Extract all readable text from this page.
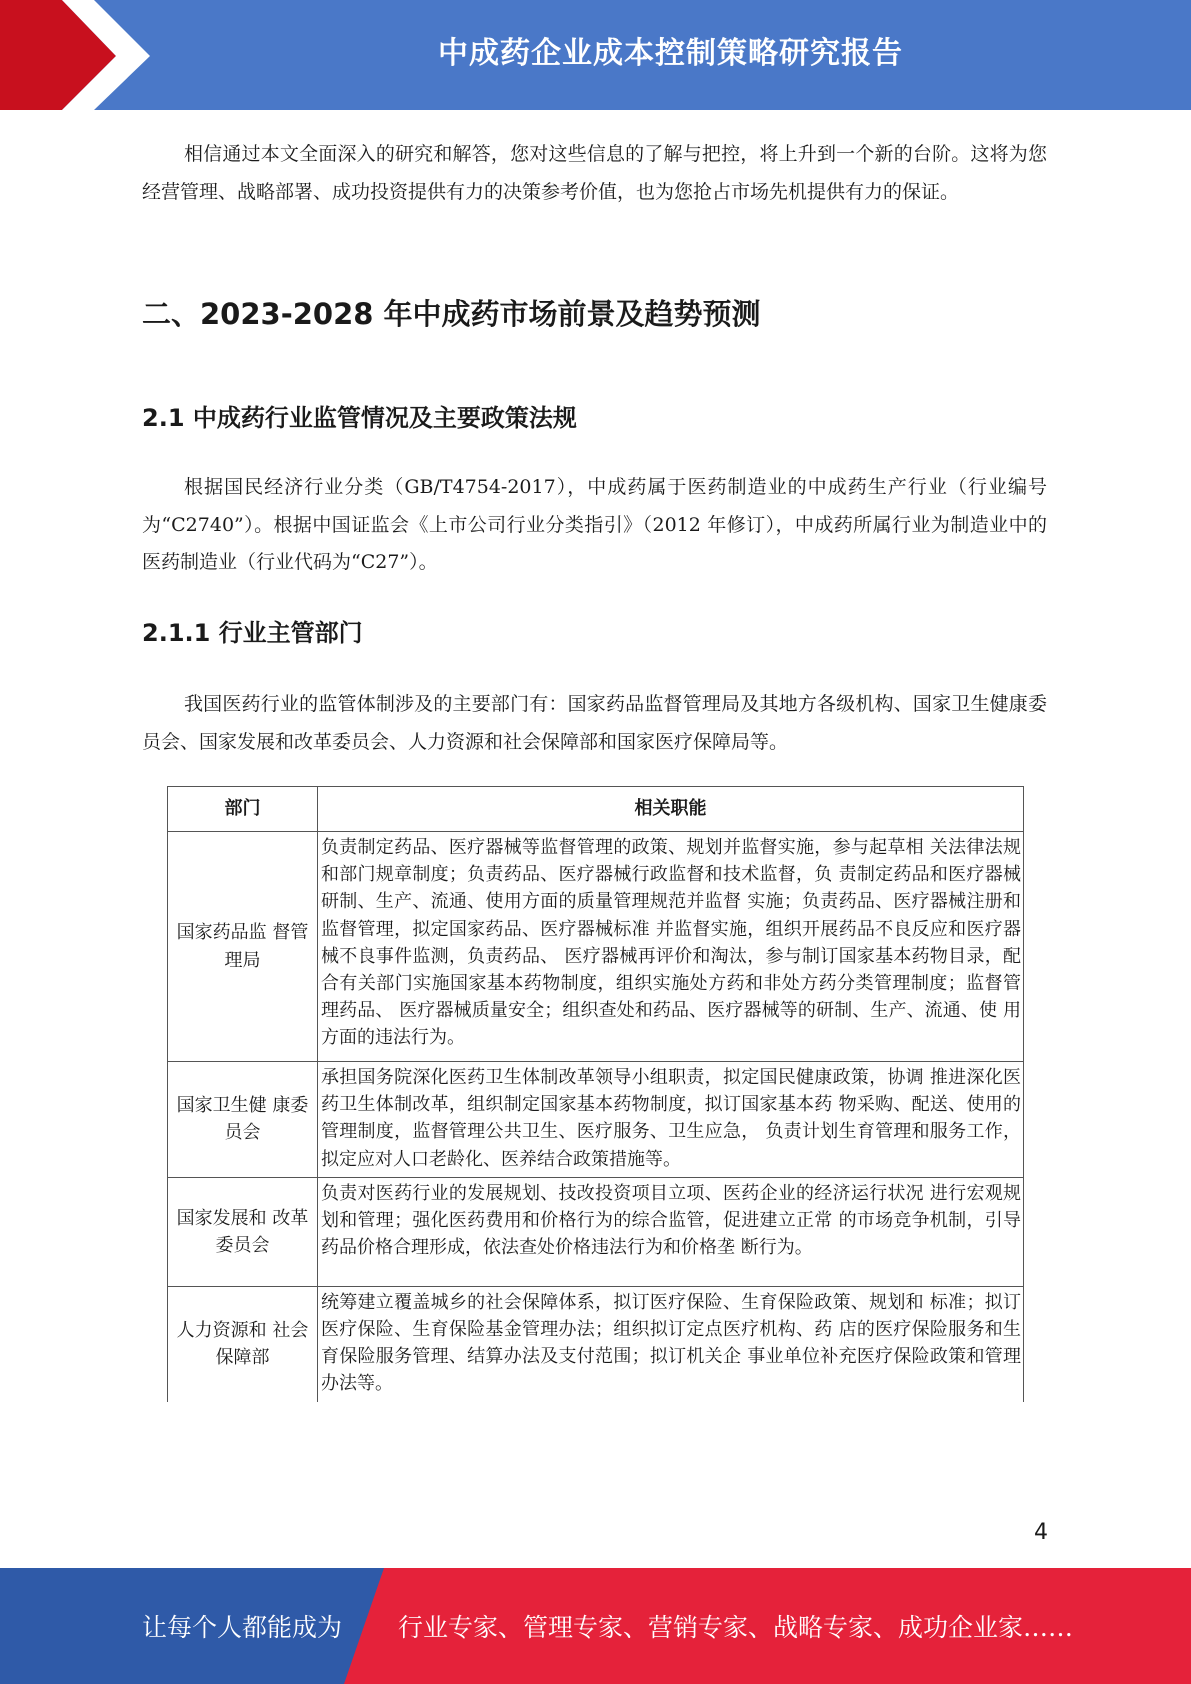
中成药企业成本控制策略研究报告

相信通过本文全面深入的研究和解答，您对这些信息的了解与把控，将上升到一个新的台阶。这将为您经营管理、战略部署、成功投资提供有力的决策参考价值，也为您抢占市场先机提供有力的保证。

二、2023-2028 年中成药市场前景及趋势预测
2.1 中成药行业监管情况及主要政策法规

根据国民经济行业分类（GB/T4754-2017），中成药属于医药制造业的中成药生产行业（行业编号为“C2740”）。根据中国证监会《上市公司行业分类指引》（2012 年修订），中成药所属行业为制造业中的医药制造业（行业代码为“C27”）。

2.1.1 行业主管部门

我国医药行业的监管体制涉及的主要部门有：国家药品监督管理局及其地方各级机构、国家卫生健康委员会、国家发展和改革委员会、人力资源和社会保障部和国家医疗保障局等。

部门	相关职能
国家药品监 督管理局	负责制定药品、医疗器械等监督管理的政策、规划并监督实施，参与起草相 关法律法规和部门规章制度；负责药品、医疗器械行政监督和技术监督，负 责制定药品和医疗器械研制、生产、流通、使用方面的质量管理规范并监督 实施；负责药品、医疗器械注册和监督管理，拟定国家药品、医疗器械标准 并监督实施，组织开展药品不良反应和医疗器械不良事件监测，负责药品、 医疗器械再评价和淘汰，参与制订国家基本药物目录，配合有关部门实施国家基本药物制度，组织实施处方药和非处方药分类管理制度；监督管理药品、 医疗器械质量安全；组织查处和药品、医疗器械等的研制、生产、流通、使 用方面的违法行为。
国家卫生健 康委员会	承担国务院深化医药卫生体制改革领导小组职责，拟定国民健康政策，协调 推进深化医药卫生体制改革，组织制定国家基本药物制度，拟订国家基本药 物采购、配送、使用的管理制度，监督管理公共卫生、医疗服务、卫生应急， 负责计划生育管理和服务工作，拟定应对人口老龄化、医养结合政策措施等。
国家发展和 改革委员会	负责对医药行业的发展规划、技改投资项目立项、医药企业的经济运行状况 进行宏观规划和管理；强化医药费用和价格行为的综合监管，促进建立正常 的市场竞争机制，引导药品价格合理形成，依法查处价格违法行为和价格垄 断行为。
人力资源和 社会保障部	统筹建立覆盖城乡的社会保障体系，拟订医疗保险、生育保险政策、规划和 标准；拟订医疗保险、生育保险基金管理办法；组织拟订定点医疗机构、药 店的医疗保险服务和生育保险服务管理、结算办法及支付范围；拟订机关企 事业单位补充医疗保险政策和管理办法等。
4
让每个人都能成为 行业专家、管理专家、营销专家、战略专家、成功企业家……
